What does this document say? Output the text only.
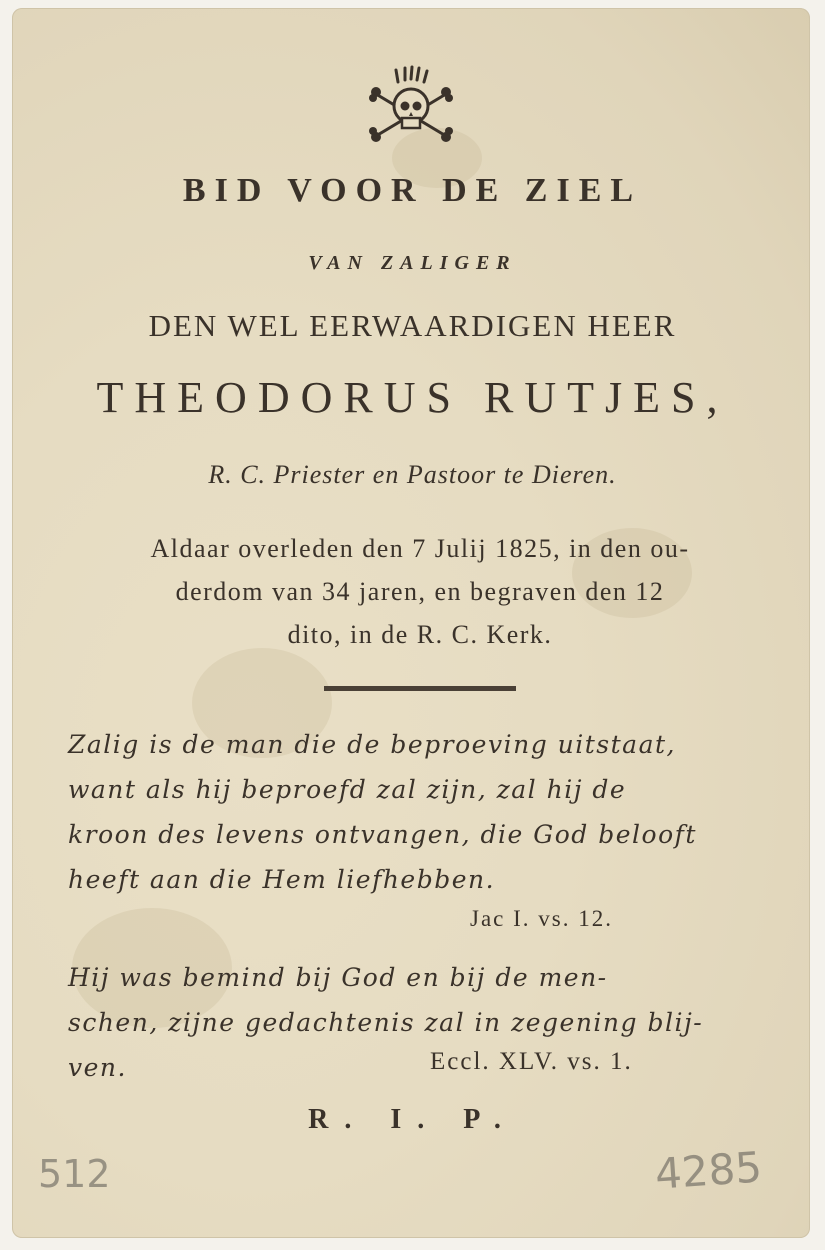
BID VOOR DE ZIEL
VAN ZALIGER
DEN WEL EERWAARDIGEN HEER
THEODORUS RUTJES,
R. C. Priester en Pastoor te Dieren.
Aldaar overleden den 7 Julij 1825, in den ou-
derdom van 34 jaren, en begraven den 12
dito, in de R. C. Kerk.
Zalig is de man die de beproeving uitstaat,
want als hij beproefd zal zijn, zal hij de
kroon des levens ontvangen, die God belooft
heeft aan die Hem liefhebben.
Jac I. vs. 12.
Hij was bemind bij God en bij de men-
schen, zijne gedachtenis zal in zegening blij-
ven.	Eccl. XLV. vs. 1.
R. I. P.
512	4285
